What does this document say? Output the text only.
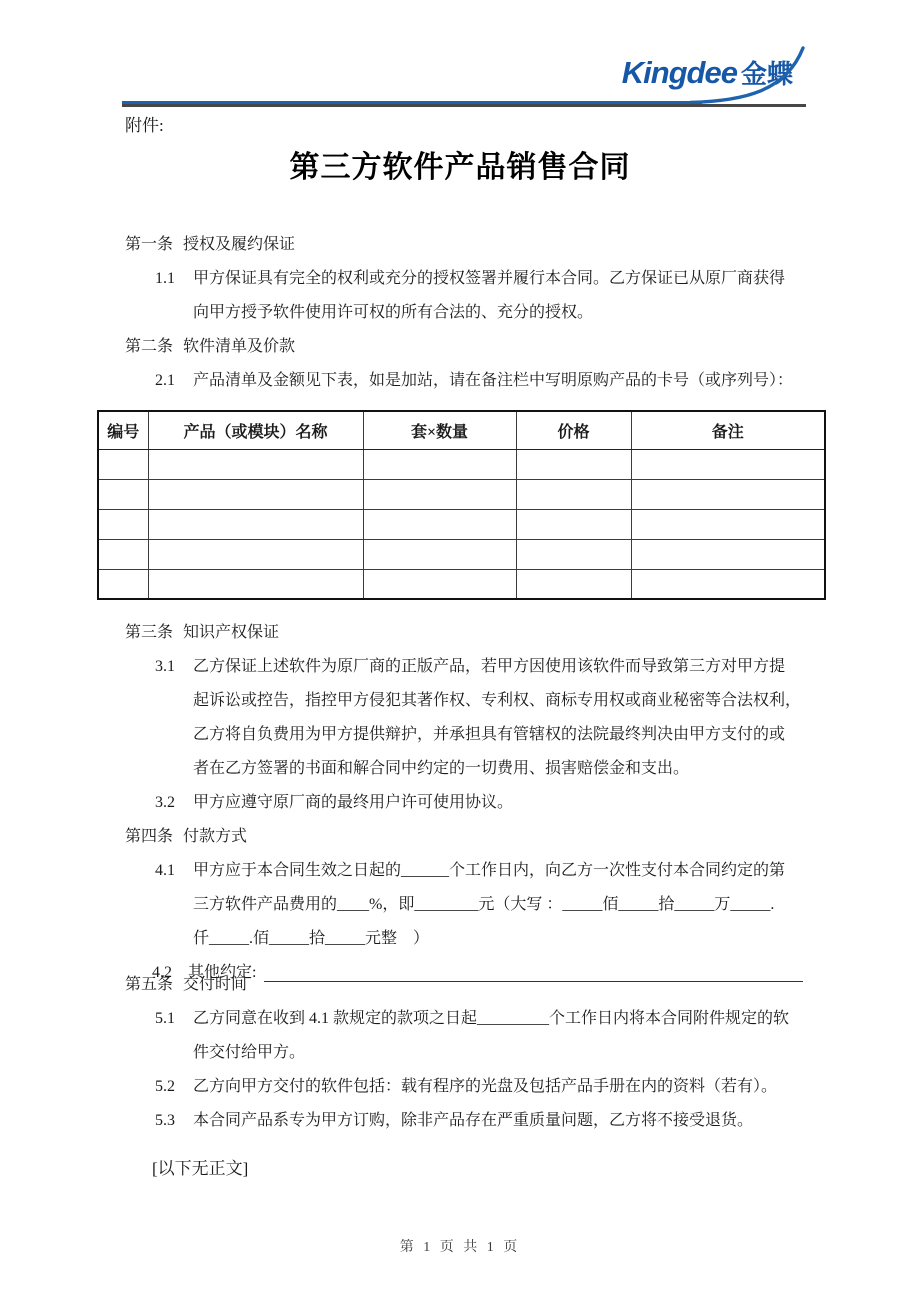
Kingdee 金蝶
附件:
第三方软件产品销售合同
第一条 授权及履约保证
1.1	甲方保证具有完全的权利或充分的授权签署并履行本合同。乙方保证已从原厂商获得
向甲方授予软件使用许可权的所有合法的、充分的授权。
第二条 软件清单及价款
2.1	产品清单及金额见下表，如是加站，请在备注栏中写明原购产品的卡号（或序列号）：
编号	产品（或模块）名称	套×数量	价格	备注

第三条 知识产权保证
3.1	乙方保证上述软件为原厂商的正版产品，若甲方因使用该软件而导致第三方对甲方提
起诉讼或控告，指控甲方侵犯其著作权、专利权、商标专用权或商业秘密等合法权利，
乙方将自负费用为甲方提供辩护，并承担具有管辖权的法院最终判决由甲方支付的或
者在乙方签署的书面和解合同中约定的一切费用、损害赔偿金和支出。
3.2	甲方应遵守原厂商的最终用户许可使用协议。
第四条 付款方式
4.1	甲方应于本合同生效之日起的______个工作日内，向乙方一次性支付本合同约定的第
三方软件产品费用的____%，即________元（大写 ：_____佰_____拾_____万_____.
仟_____.佰_____拾_____元整　）
4.2	其他约定:
第五条 交付时间
5.1	乙方同意在收到 4.1 款规定的款项之日起_________个工作日内将本合同附件规定的软
件交付给甲方。
5.2	乙方向甲方交付的软件包括：载有程序的光盘及包括产品手册在内的资料（若有）。
5.3	本合同产品系专为甲方订购，除非产品存在严重质量问题，乙方将不接受退货。
[以下无正文]
第 1 页 共 1 页
